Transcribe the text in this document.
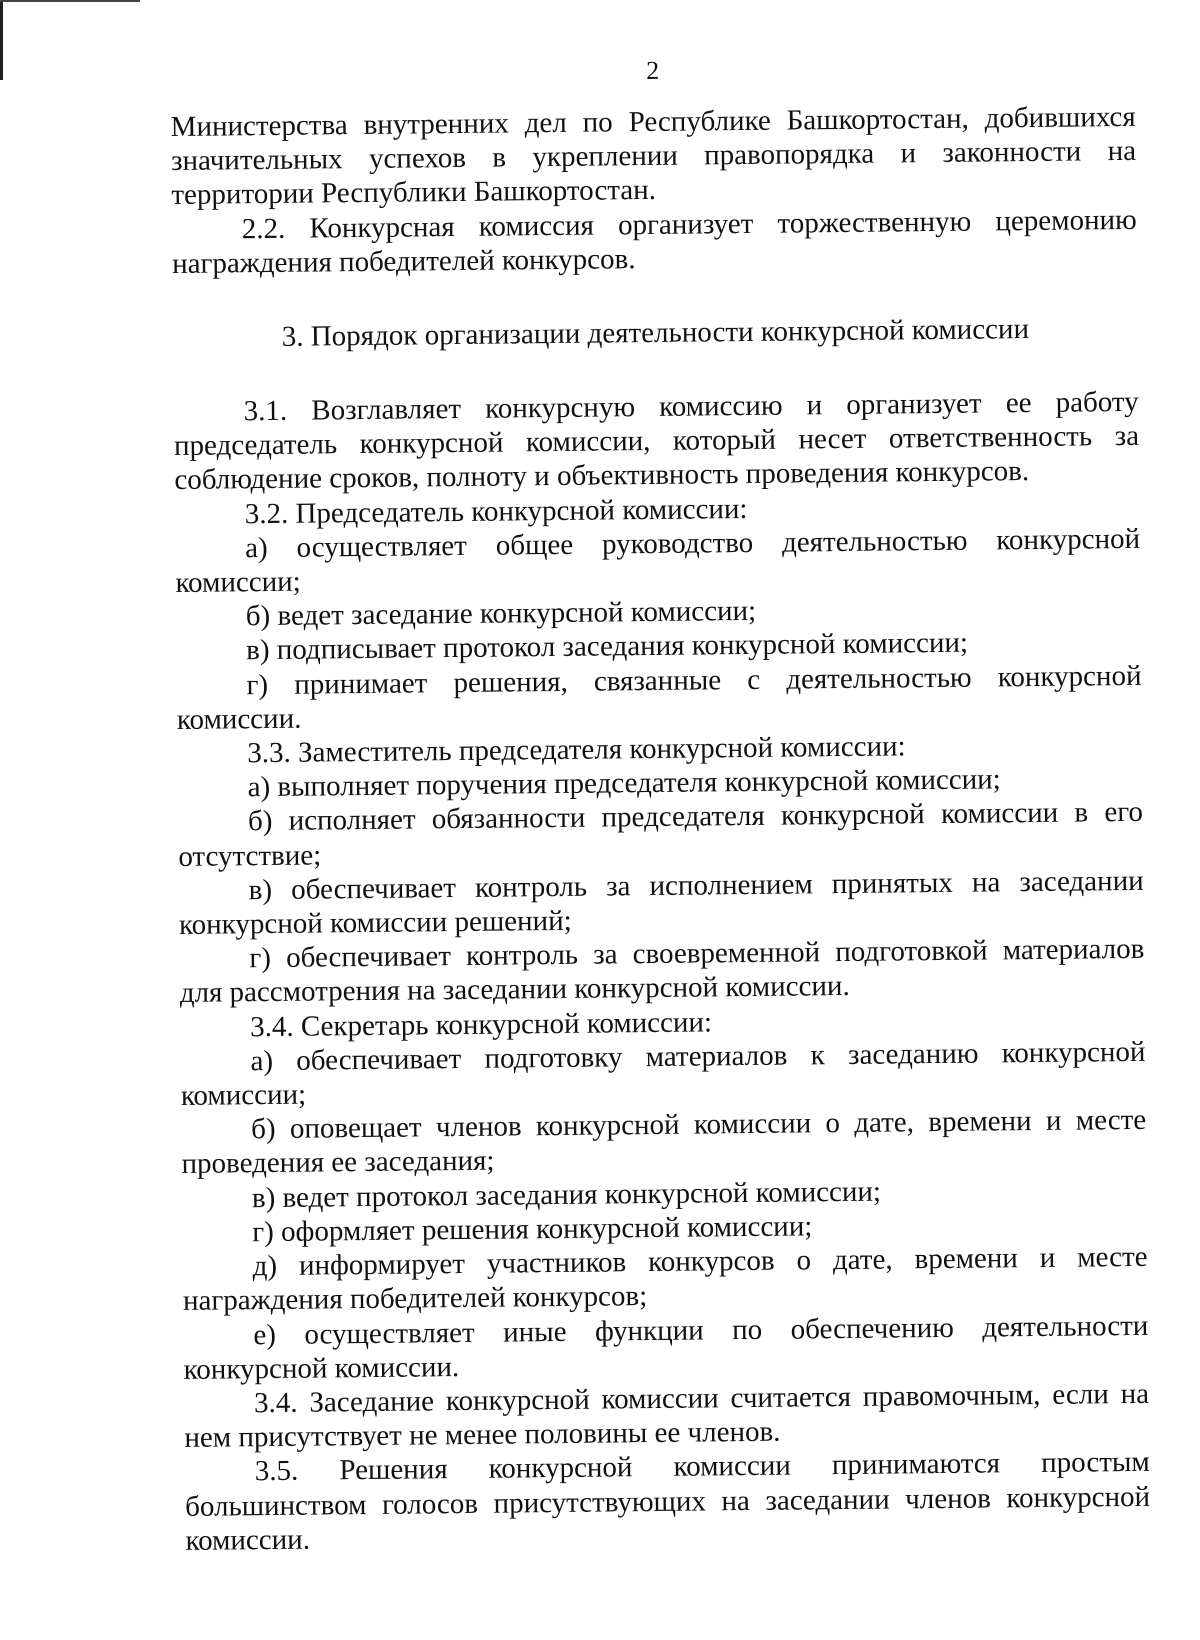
2

Министерства внутренних дел по Республике Башкортостан, добившихся значительных успехов в укреплении правопорядка и законности на территории Республики Башкортостан.

2.2. Конкурсная комиссия организует торжественную церемонию награждения победителей конкурсов.

3. Порядок организации деятельности конкурсной комиссии

3.1. Возглавляет конкурсную комиссию и организует ее работу председатель конкурсной комиссии, который несет ответственность за соблюдение сроков, полноту и объективность проведения конкурсов.

3.2. Председатель конкурсной комиссии:

а) осуществляет общее руководство деятельностью конкурсной комиссии;

б) ведет заседание конкурсной комиссии;

в) подписывает протокол заседания конкурсной комиссии;

г) принимает решения, связанные с деятельностью конкурсной комиссии.

3.3. Заместитель председателя конкурсной комиссии:

а) выполняет поручения председателя конкурсной комиссии;

б) исполняет обязанности председателя конкурсной комиссии в его отсутствие;

в) обеспечивает контроль за исполнением принятых на заседании конкурсной комиссии решений;

г) обеспечивает контроль за своевременной подготовкой материалов для рассмотрения на заседании конкурсной комиссии.

3.4. Секретарь конкурсной комиссии:

а) обеспечивает подготовку материалов к заседанию конкурсной комиссии;

б) оповещает членов конкурсной комиссии о дате, времени и месте проведения ее заседания;

в) ведет протокол заседания конкурсной комиссии;

г) оформляет решения конкурсной комиссии;

д) информирует участников конкурсов о дате, времени и месте награждения победителей конкурсов;

е) осуществляет иные функции по обеспечению деятельности конкурсной комиссии.

3.4. Заседание конкурсной комиссии считается правомочным, если на нем присутствует не менее половины ее членов.

3.5. Решения конкурсной комиссии принимаются простым большинством голосов присутствующих на заседании членов конкурсной комиссии.
